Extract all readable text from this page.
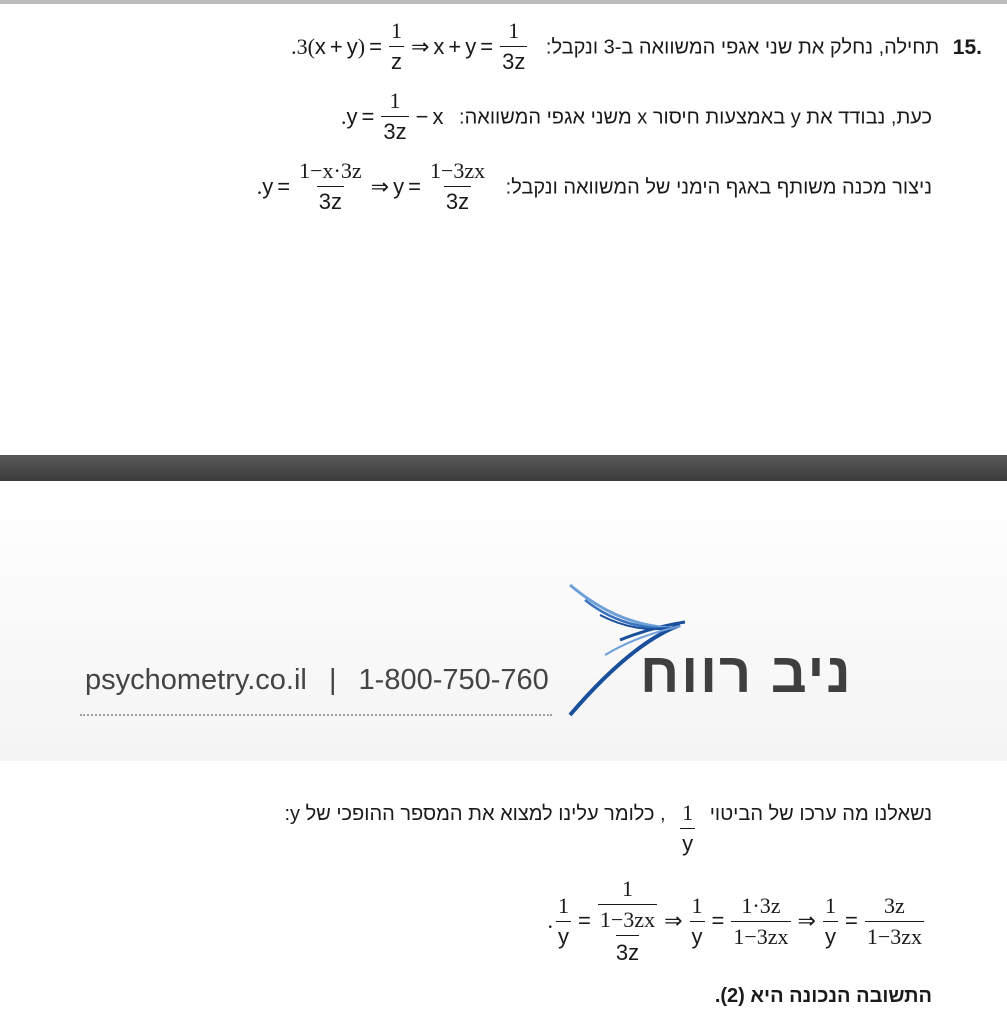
.15 תחילה, נחלק את שני אגפי המשוואה ב-3 ונקבל:
.3( x + y ) = $\frac{1}{z}$ ⇒ $x + y = \frac{1}{3z}$
כעת, נבודד את y באמצעות חיסור x משני אגפי המשוואה:
. $y = \frac{1}{3z} - x$
ניצור מכנה משותף באגף הימני של המשוואה ונקבל:
. $y = \frac{1-x\cdot 3z}{3z}$ ⇒ $y = \frac{1-3zx}{3z}$
psychometry.co.il | 1-800-750-760 ניב רווח
נשאלנו מה ערכו של הביטוי
$\frac{1}{y}$
, כלומר עלינו למצוא את המספר ההופכי של y:
. $\frac{1}{y} = \frac{1}{\frac{1-3zx}{3z}}$ ⇒ $\frac{1}{y} = \frac{1\cdot 3z}{1-3zx}$ ⇒ $\frac{1}{y} = \frac{3z}{1-3zx}$
התשובה הנכונה היא (2).
